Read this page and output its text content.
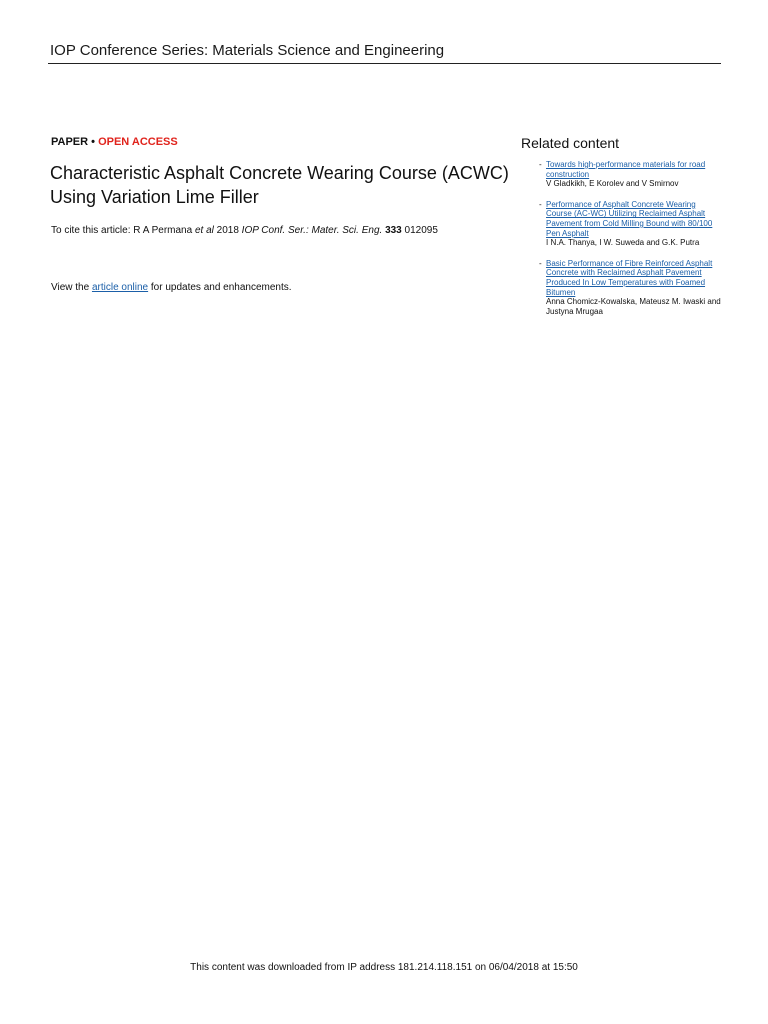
IOP Conference Series: Materials Science and Engineering
PAPER • OPEN ACCESS
Characteristic Asphalt Concrete Wearing Course (ACWC) Using Variation Lime Filler
To cite this article: R A Permana et al 2018 IOP Conf. Ser.: Mater. Sci. Eng. 333 012095
View the article online for updates and enhancements.
Related content
- Towards high-performance materials for road construction
V Gladkikh, E Korolev and V Smirnov
- Performance of Asphalt Concrete Wearing Course (AC-WC) Utilizing Reclaimed Asphalt Pavement from Cold Milling Bound with 80/100 Pen Asphalt
I N.A. Thanya, I W. Suweda and G.K. Putra
- Basic Performance of Fibre Reinforced Asphalt Concrete with Reclaimed Asphalt Pavement Produced In Low Temperatures with Foamed Bitumen
Anna Chomicz-Kowalska, Mateusz M. Iwaski and Justyna Mrugaa
This content was downloaded from IP address 181.214.118.151 on 06/04/2018 at 15:50
